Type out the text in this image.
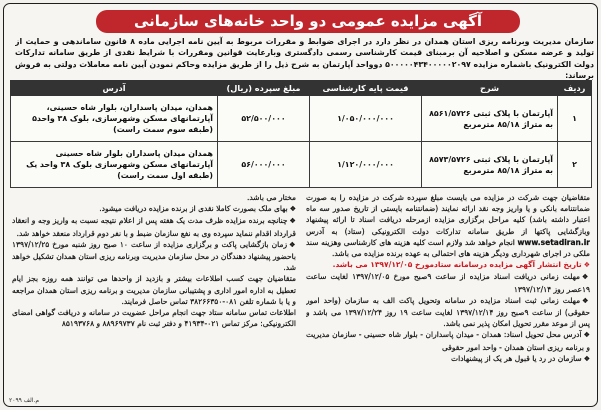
آگهی مزایده عمومی دو واحد خانه‌های سازمانی
سازمان مدیریت وبرنامه ریزی استان همدان در نظر دارد در اجرای ضوابط و مقررات مربوط به آیین نامه اجرایی ماده ۸ قانون ساماندهی و حمایت از تولید و عرضه مسکن و اصلاحیه آن برمبنای قیمت کارشناسی رسمی دادگستری وبارعایت قوانین ومقررات با شرایط نقدی از طریق سامانه تدارکات دولت الکترونیک باشماره مزایده ۵۰۰۰۰۰۴۳۴۰۰۰۰۰۲۰۹۷ دوواحد آپارتمان به شرح ذیل را از طریق مزایده وحاکم نمودن آیین نامه معاملات دولتی به فروش برساند:
ردیف	شرح	قیمت پایه کارشناسی	مبلغ سپرده (ریال)	آدرس
۱	آپارتمان با پلاک ثبتی ۸۵۶۱/۵۷۲۶ به متراژ ۸۵/۱۸ مترمربع	۱/۰۵۰/۰۰۰/۰۰۰	۵۲/۵۰۰/۰۰۰	همدان، میدان پاسداران، بلوار شاه حسینی، آپارتمانهای مسکن وشهرسازی، بلوک ۳۸ واحد۵ (طبقه سوم سمت راست)
۲	آپارتمان با پلاک ثبتی ۸۵۷۳/۵۷۲۶ به متراژ ۸۵/۱۸ مترمربع	۱/۱۲۰/۰۰۰/۰۰۰	۵۶/۰۰۰/۰۰۰	همدان میدان پاسداران بلوار شاه حسینی آپارتمانهای مسکن وشهرسازی بلوک ۳۸ واحد یک (طبقه اول سمت راست)

متقاضیان جهت شرکت در مزایده می بایست مبلغ سپرده شرکت در مزایده را به صورت ضمانتنامه بانکی و یا واریز وجه نقد ارائه نمایند (ضمانتنامه بایستی از تاریخ صدور سه ماه اعتبار داشته باشد) کلیه مراحل برگزاری مزایده ازمرحله دریافت اسناد تا ارائه پیشنهاد وبازگشایی پاکتها از طریق سامانه تدارکات دولت الکترونیکی (ستاد) به آدرس www.setadiran.ir انجام خواهد شد ولازم است کلیه هزینه های کارشناسی وهزینه سند ملکی در اجرای شهرداری ودیگر هزینه های احتمالی به عهده برنده مزایده می باشد.

❖ تاریخ انتشار آگهی مزایده درسامانه ستادمورخ ۱۳۹۷/۱۲/۰۵ می باشد.

❖ مهلت زمانی دریافت اسناد مزایده از ساعت ۹صبح مورخ ۱۳۹۷/۱۲/۰۵ لغایت ساعت ۱۹عصر روز ۱۳۹۷/۱۲/۱۴

❖ مهلت زمانی ثبت اسناد مزایده در سامانه وتحویل پاکت الف به سازمان (واحد امور حقوقی) از ساعت ۹صبح روز ۱۳۹۷/۱۲/۱۴ لغایت ساعت ۱۹ روز ۱۳۹۷/۱۲/۲۴ می باشد و پس از موعد مقرر تحویل امکان پذیر نمی باشد.

❖ آدرس محل تحویل اسناد: همدان - میدان پاسداران - بلوار شاه حسینی - سازمان مدیریت و برنامه ریزی استان همدان - واحد امور حقوقی

❖ سازمان در رد یا قبول هر یک از پیشنهادات

مختار می باشد.

❖ بهای ملک بصورت کاملا نقدی از برنده مزایده دریافت میشود.

❖ چنانچه برنده مزایده ظرف مدت یک هفته پس از اعلام نتیجه نسبت به واریز وجه و انعقاد قرارداد اقدام ننماید سپرده وی به نفع سازمان ضبط و با نفر دوم قرارداد منعقد خواهد شد.

❖ زمان بازگشایی پاکت و برگزاری مزایده از ساعت ۱۰ صبح روز شنبه مورخ ۱۳۹۷/۱۲/۲۵ باحضور پیشنهاد دهندگان در محل سازمان مدیریت وبرنامه ریزی استان همدان تشکیل خواهد شد.

متقاضیان جهت کسب اطلاعات بیشتر و بازدید از واحدها می توانند همه روزه بجز ایام تعطیل به اداره امور اداری و پشتیبانی سازمان مدیریت و برنامه ریزی استان همدان مراجعه و یا با شماره تلفن ۰۸۱-۳۸۲۶۶۳۵۰ تماس حاصل فرمایند.

اطلاعات تماس سامانه ستاد جهت انجام مراحل عضویت در سامانه و دریافت گواهی امضای الکترونیکی: مرکز تماس ۰۲۱-۴۱۹۳۴ و دفتر ثبت نام ۸۸۹۶۹۷۳۷ و ۸۵۱۹۳۷۶۸

م.الف ۲۰۹۹
